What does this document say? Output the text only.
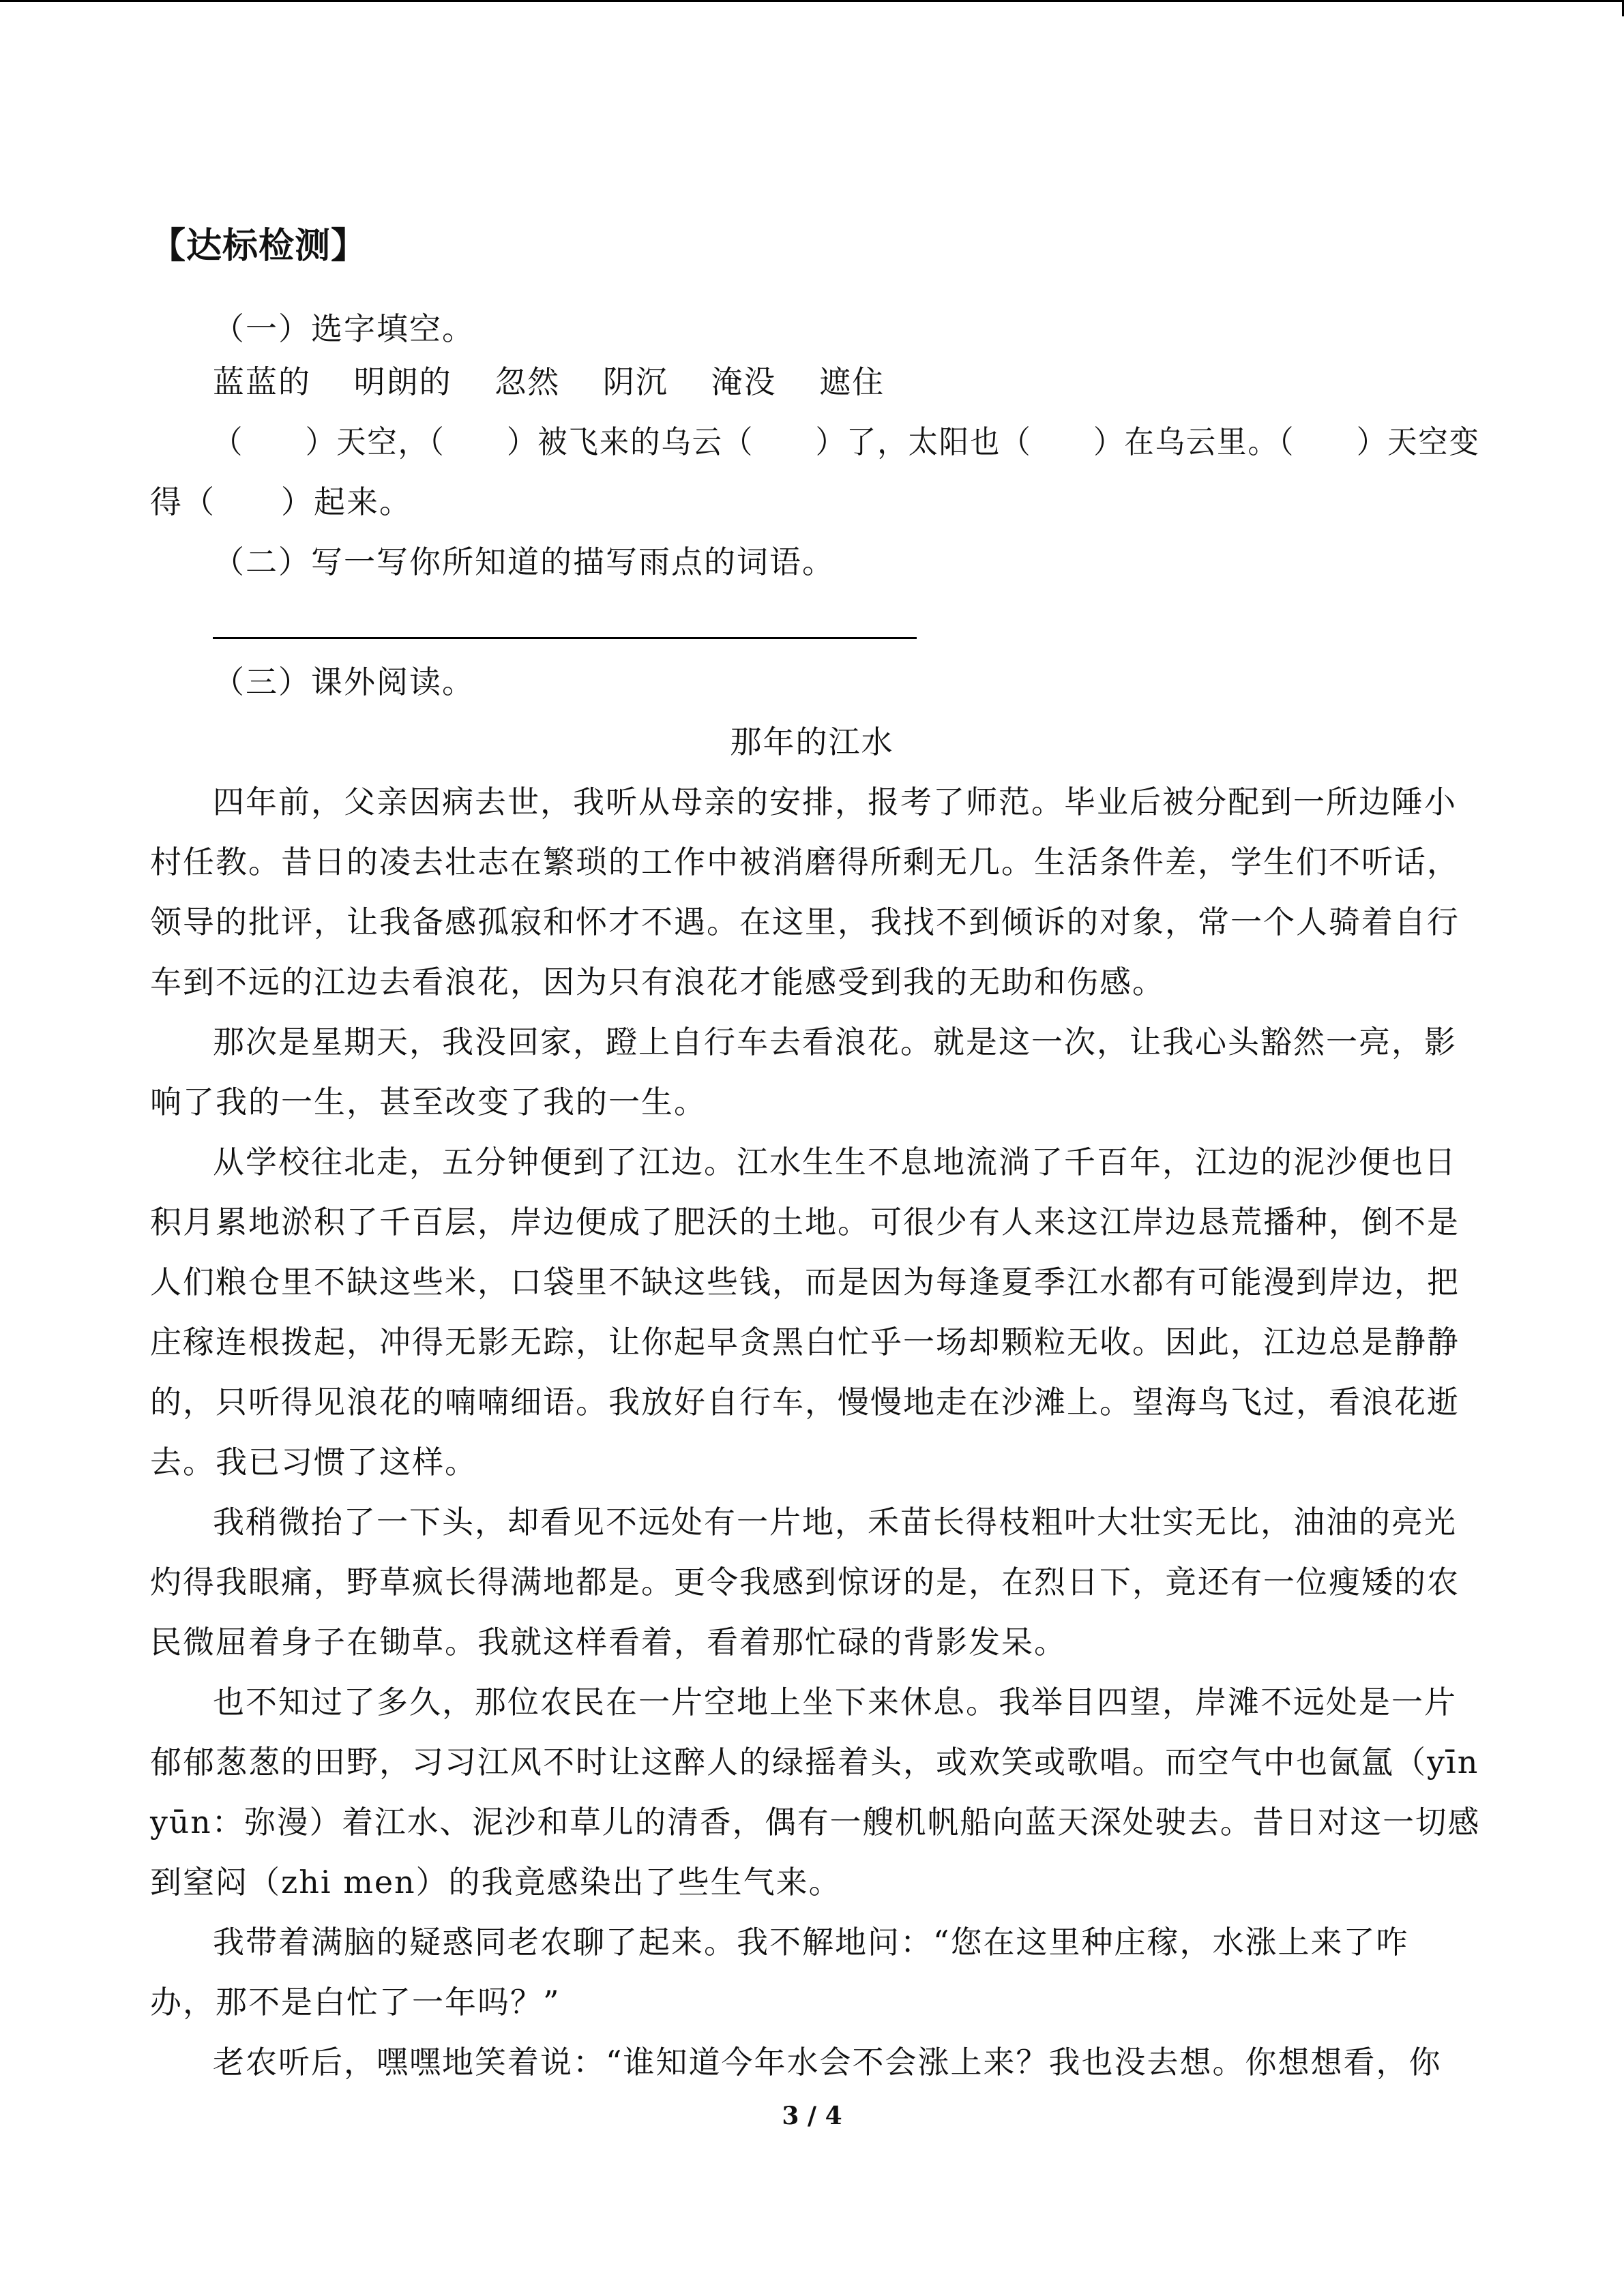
【达标检测】
（一）选字填空。
蓝蓝的 明朗的 忽然 阴沉 淹没 遮住
（　　）天空，（　　）被飞来的乌云（　　）了，太阳也（　　）在乌云里。（　　）天空变
得（　　）起来。
（二）写一写你所知道的描写雨点的词语。
（三）课外阅读。
那年的江水
四年前，父亲因病去世，我听从母亲的安排，报考了师范。毕业后被分配到一所边陲小
村任教。昔日的凌去壮志在繁琐的工作中被消磨得所剩无几。生活条件差，学生们不听话，
领导的批评，让我备感孤寂和怀才不遇。在这里，我找不到倾诉的对象，常一个人骑着自行
车到不远的江边去看浪花，因为只有浪花才能感受到我的无助和伤感。
那次是星期天，我没回家，蹬上自行车去看浪花。就是这一次，让我心头豁然一亮，影
响了我的一生，甚至改变了我的一生。
从学校往北走，五分钟便到了江边。江水生生不息地流淌了千百年，江边的泥沙便也日
积月累地淤积了千百层，岸边便成了肥沃的土地。可很少有人来这江岸边恳荒播种，倒不是
人们粮仓里不缺这些米，口袋里不缺这些钱，而是因为每逢夏季江水都有可能漫到岸边，把
庄稼连根拨起，冲得无影无踪，让你起早贪黑白忙乎一场却颗粒无收。因此，江边总是静静
的，只听得见浪花的喃喃细语。我放好自行车，慢慢地走在沙滩上。望海鸟飞过，看浪花逝
去。我已习惯了这样。
我稍微抬了一下头，却看见不远处有一片地，禾苗长得枝粗叶大壮实无比，油油的亮光
灼得我眼痛，野草疯长得满地都是。更令我感到惊讶的是，在烈日下，竟还有一位瘦矮的农
民微屈着身子在锄草。我就这样看着，看着那忙碌的背影发呆。
也不知过了多久，那位农民在一片空地上坐下来休息。我举目四望，岸滩不远处是一片
郁郁葱葱的田野，习习江风不时让这醉人的绿摇着头，或欢笑或歌唱。而空气中也氤氲（yīn
yūn：弥漫）着江水、泥沙和草儿的清香，偶有一艘机帆船向蓝天深处驶去。昔日对这一切感
到窒闷（zhi men）的我竟感染出了些生气来。
我带着满脑的疑惑同老农聊了起来。我不解地问：“您在这里种庄稼，水涨上来了咋
办，那不是白忙了一年吗？”
老农听后，嘿嘿地笑着说：“谁知道今年水会不会涨上来？我也没去想。你想想看，你
3 / 4
